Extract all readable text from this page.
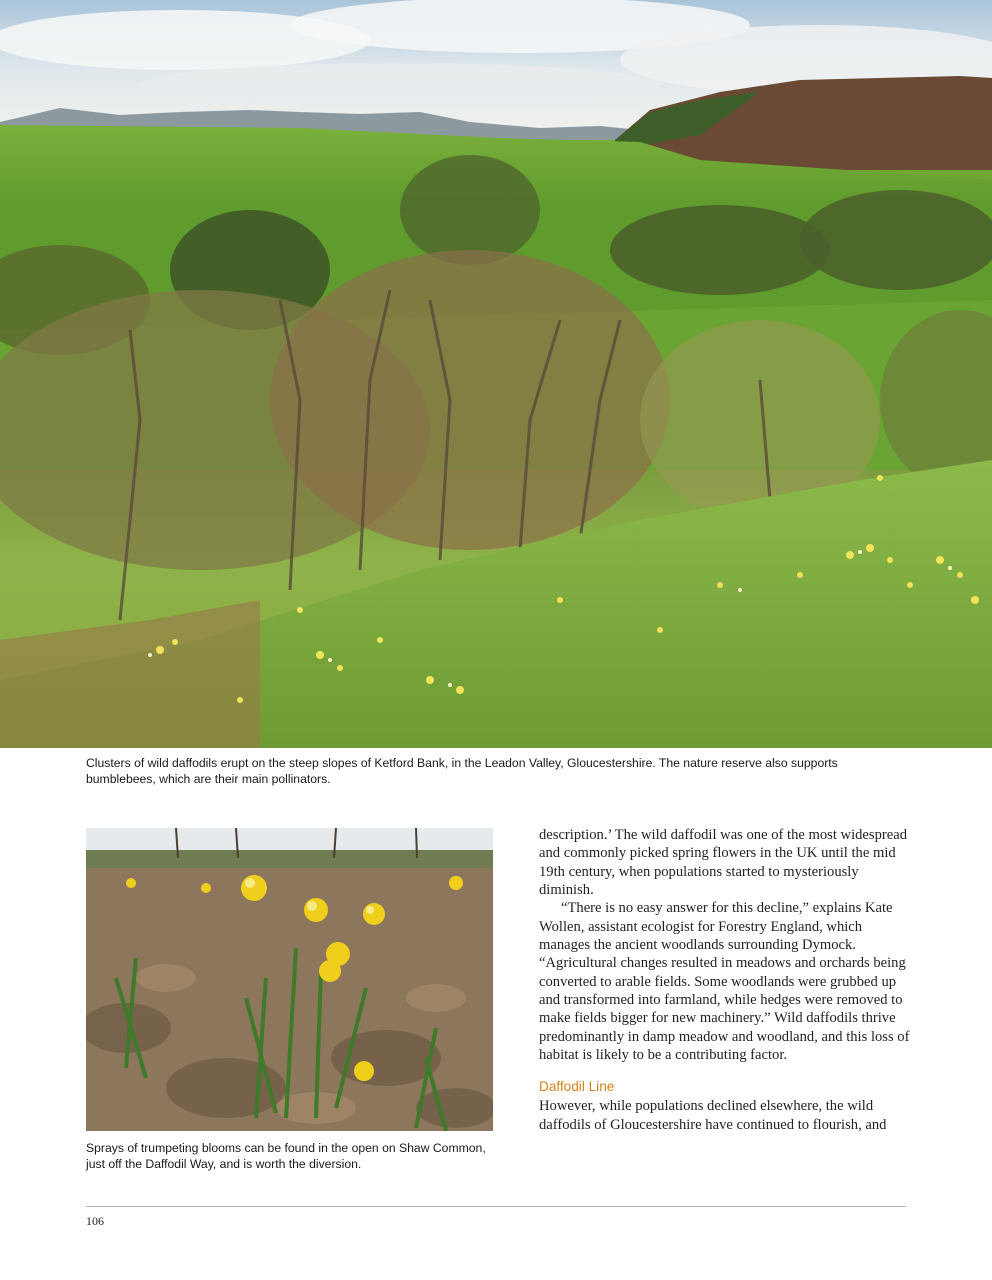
Clusters of wild daffodils erupt on the steep slopes of Ketford Bank, in the Leadon Valley, Gloucestershire. The nature reserve also supports bumblebees, which are their main pollinators.
Sprays of trumpeting blooms can be found in the open on Shaw Common, just off the Daffodil Way, and is worth the diversion.

description.’ The wild daffodil was one of the most widespread and commonly picked spring flowers in the UK until the mid 19th century, when populations started to mysteriously diminish.

“There is no easy answer for this decline,” explains Kate Wollen, assistant ecologist for Forestry England, which manages the ancient woodlands surrounding Dymock. “Agricultural changes resulted in meadows and orchards being converted to arable fields. Some woodlands were grubbed up and transformed into farmland, while hedges were removed to make fields bigger for new machinery.” Wild daffodils thrive predominantly in damp meadow and woodland, and this loss of habitat is likely to be a contributing factor.

Daffodil Line

However, while populations declined elsewhere, the wild daffodils of Gloucestershire have continued to flourish, and

106
